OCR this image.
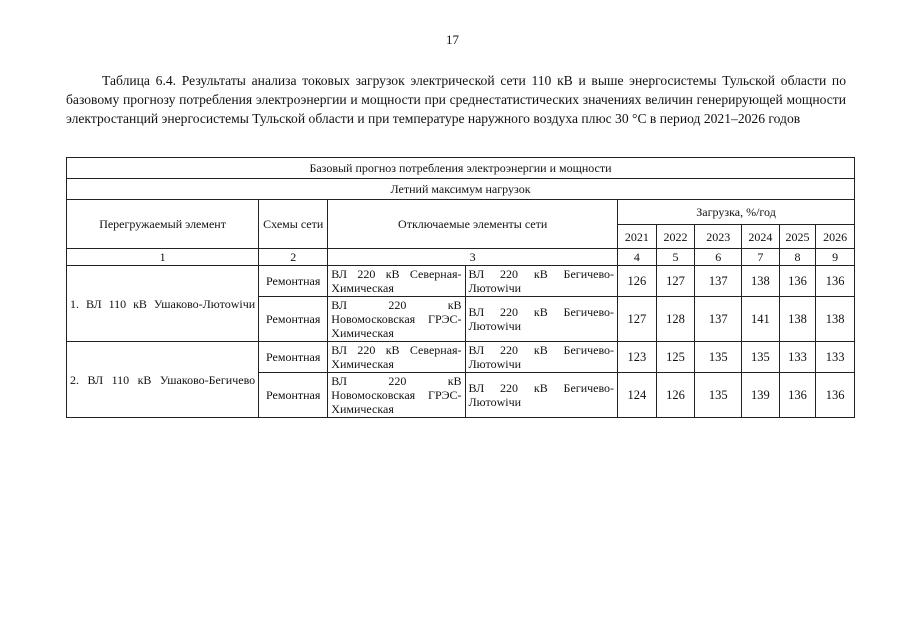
17
Таблица 6.4. Результаты анализа токовых загрузок электрической сети 110 кВ и выше энергосистемы Тульской области по базовому прогнозу потребления электроэнергии и мощности при среднестатистических значениях величин генерирующей мощности электростанций энергосистемы Тульской области и при температуре наружного воздуха плюс 30 °С в период 2021–2026 годов
Базовый прогноз потребления электроэнергии и мощности									
Летний максимум нагрузок									
Перегружаемый элемент	Схемы сети	Отключаемые элементы сети		Загрузка, %/год					
				2021	2022	2023	2024	2025	2026
1	2	3		4	5	6	7	8	9
1. ВЛ 110 кВ Ушаково-Лютоwiчи	Ремонтная	ВЛ 220 кВ Северная-Химическая	ВЛ 220 кВ Бегичево-Лютоwiчи	126	127	137	138	136	136
	Ремонтная	ВЛ 220 кВ Новомосковская ГРЭС-Химическая	ВЛ 220 кВ Бегичево-Лютоwiчи	127	128	137	141	138	138
2. ВЛ 110 кВ Ушаково-Бегичево	Ремонтная	ВЛ 220 кВ Северная-Химическая	ВЛ 220 кВ Бегичево-Лютоwiчи	123	125	135	135	133	133
	Ремонтная	ВЛ 220 кВ Новомосковская ГРЭС-Химическая	ВЛ 220 кВ Бегичево-Лютоwiчи	124	126	135	139	136	136
